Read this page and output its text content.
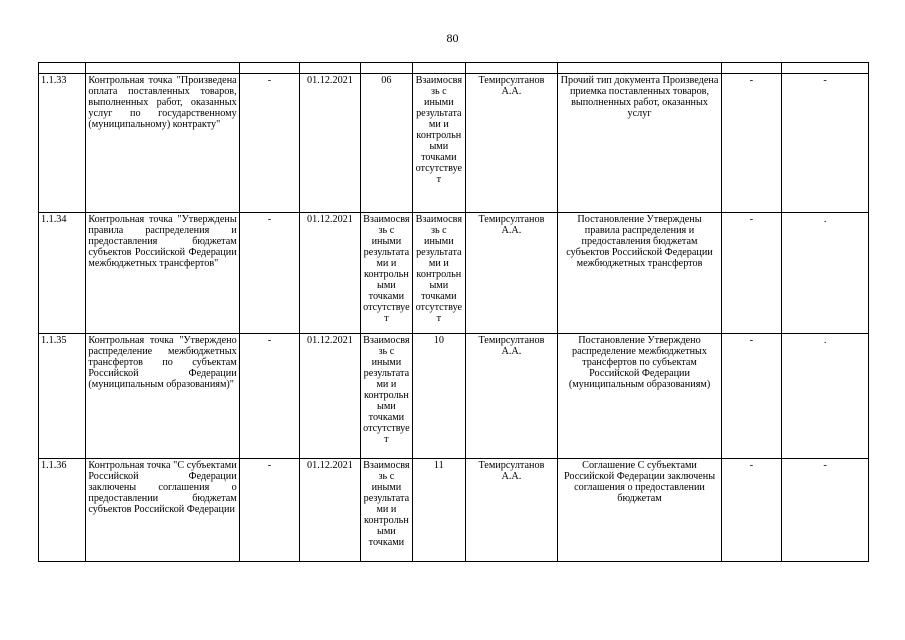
80

1.1.33	Контрольная точка "Произведена оплата поставленных товаров, выполненных работ, оказанных услуг по государственному (муниципальному) контракту"	-	01.12.2021	06	Взаимосвязь с иными результатами и контрольными точками отсутствует	Темирсултанов А.А.	Прочий тип документа Произведена приемка поставленных товаров, выполненных работ, оказанных услуг	-	-
1.1.34	Контрольная точка "Утверждены правила распределения и предоставления бюджетам субъектов Российской Федерации межбюджетных трансфертов"	-	01.12.2021	Взаимосвязь с иными результатами и контрольными точками отсутствует	Взаимосвязь с иными результатами и контрольными точками отсутствует	Темирсултанов А.А.	Постановление Утверждены правила распределения и предоставления бюджетам субъектов Российской Федерации межбюджетных трансфертов	-	.
1.1.35	Контрольная точка "Утверждено распределение межбюджетных трансфертов по субъектам Российской Федерации (муниципальным образованиям)"	-	01.12.2021	Взаимосвязь с иными результатами и контрольными точками отсутствует	10	Темирсултанов А.А.	Постановление Утверждено распределение межбюджетных трансфертов по субъектам Российской Федерации (муниципальным образованиям)	-	.
1.1.36	Контрольная точка "С субъектами Российской Федерации заключены соглашения о предоставлении бюджетам субъектов Российской Федерации	-	01.12.2021	Взаимосвязь с иными результатами и контрольными точками	11	Темирсултанов А.А.	Соглашение С субъектами Российской Федерации заключены соглашения о предоставлении бюджетам	-	-
